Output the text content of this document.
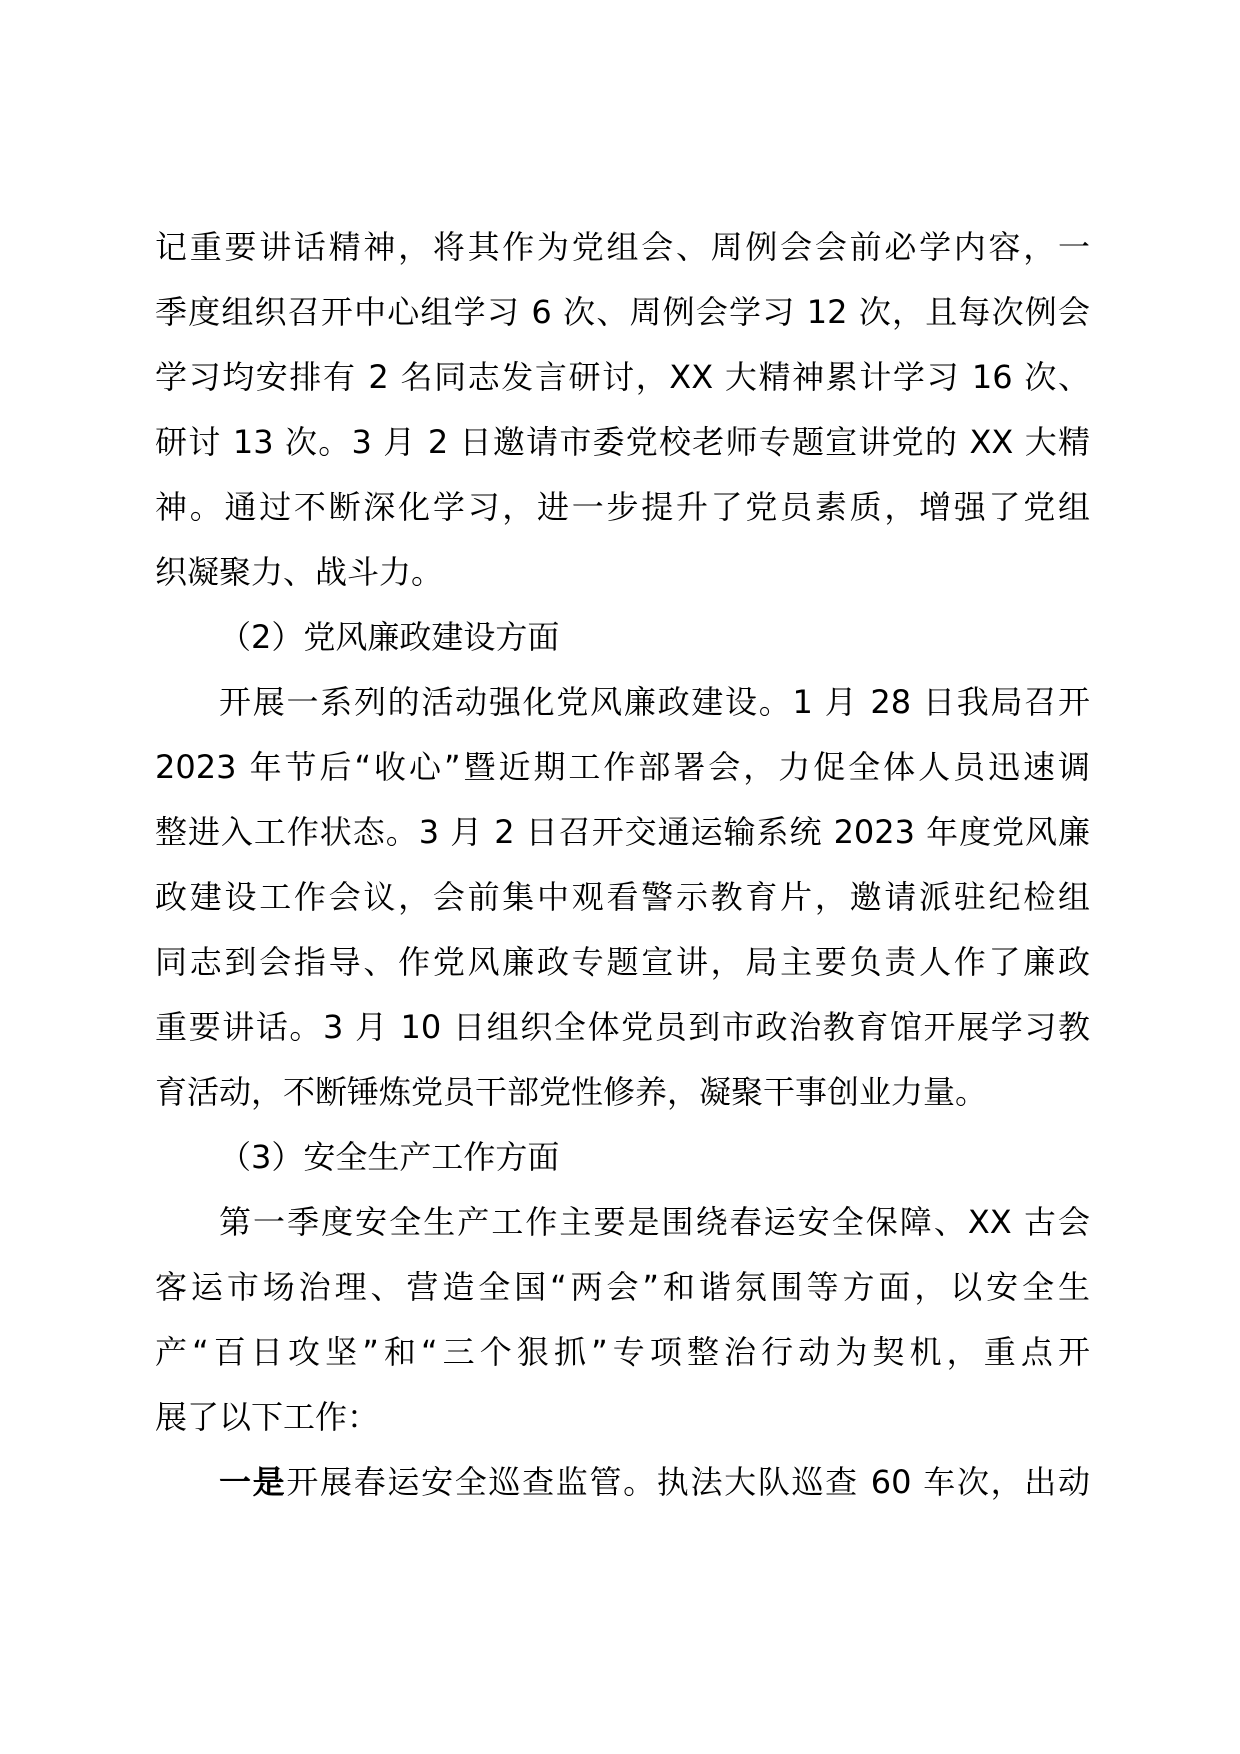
记重要讲话精神，将其作为党组会、周例会会前必学内容，一
季度组织召开中心组学习 6 次、周例会学习 12 次，且每次例会
学习均安排有 2 名同志发言研讨，XX 大精神累计学习 16 次、
研讨 13 次。3 月 2 日邀请市委党校老师专题宣讲党的 XX 大精
神。通过不断深化学习，进一步提升了党员素质，增强了党组
织凝聚力、战斗力。
（2）党风廉政建设方面
开展一系列的活动强化党风廉政建设。1 月 28 日我局召开
2023 年节后“收心”暨近期工作部署会，力促全体人员迅速调
整进入工作状态。3 月 2 日召开交通运输系统 2023 年度党风廉
政建设工作会议，会前集中观看警示教育片，邀请派驻纪检组
同志到会指导、作党风廉政专题宣讲，局主要负责人作了廉政
重要讲话。3 月 10 日组织全体党员到市政治教育馆开展学习教
育活动，不断锤炼党员干部党性修养，凝聚干事创业力量。
（3）安全生产工作方面
第一季度安全生产工作主要是围绕春运安全保障、XX 古会
客运市场治理、营造全国“两会”和谐氛围等方面，以安全生
产“百日攻坚”和“三个狠抓”专项整治行动为契机，重点开
展了以下工作：
一是开展春运安全巡查监管。执法大队巡查 60 车次，出动
